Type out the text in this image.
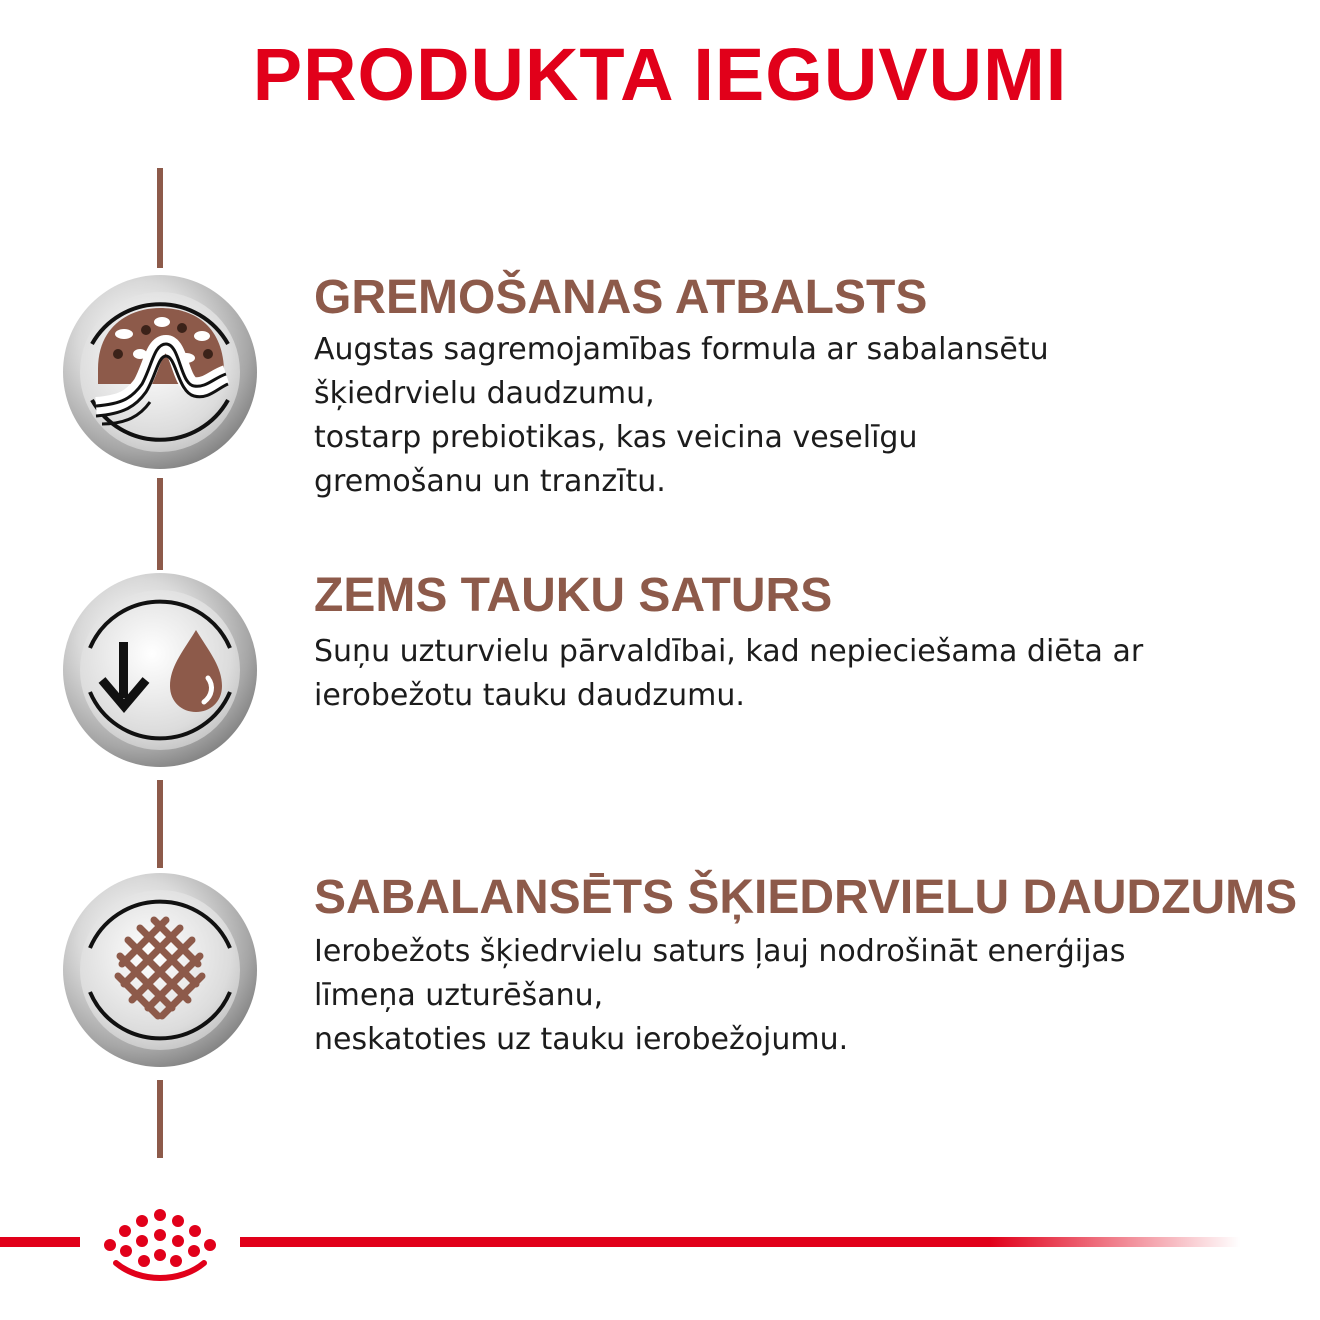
PRODUKTA IEGUVUMI
GREMOŠANAS ATBALSTS
Augstas sagremojamības formula ar sabalansētu
šķiedrvielu daudzumu,
tostarp prebiotikas, kas veicina veselīgu
gremošanu un tranzītu.
ZEMS TAUKU SATURS
Suņu uzturvielu pārvaldībai, kad nepieciešama diēta ar
ierobežotu tauku daudzumu.
SABALANSĒTS ŠĶIEDRVIELU DAUDZUMS
Ierobežots šķiedrvielu saturs ļauj nodrošināt enerģijas
līmeņa uzturēšanu,
neskatoties uz tauku ierobežojumu.
